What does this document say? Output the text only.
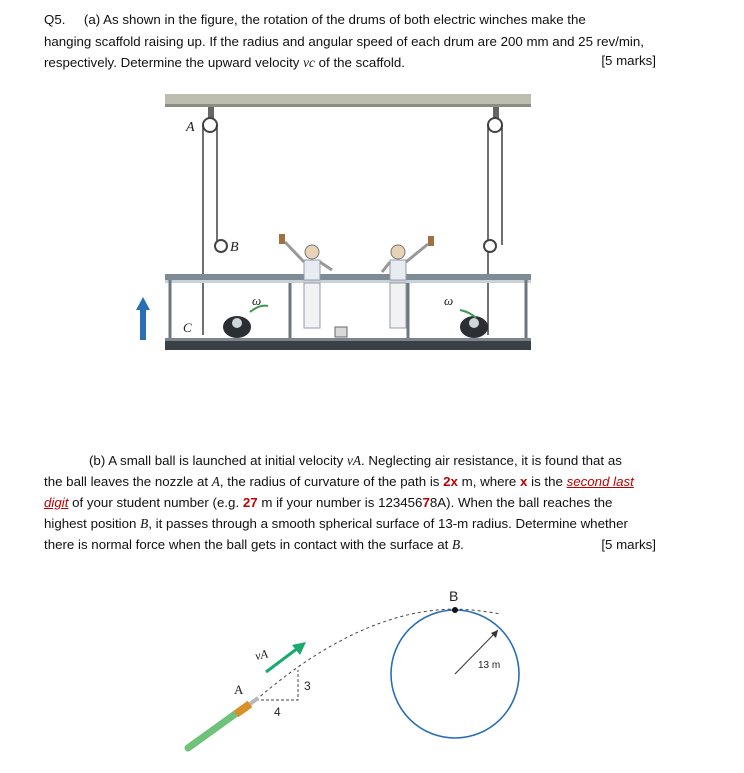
Q5. (a) As shown in the figure, the rotation of the drums of both electric winches make the
hanging scaffold raising up. If the radius and angular speed of each drum are 200 mm and 25 rev/min,
respectively. Determine the upward velocity vc of the scaffold.	[5 marks]
A
B
C
ω	ω
(b) A small ball is launched at initial velocity vA. Neglecting air resistance, it is found that as
the ball leaves the nozzle at A, the radius of curvature of the path is 2x m, where x is the second last
digit of your student number (e.g. 27 m if your number is 12345678A). When the ball reaches the
highest position B, it passes through a smooth spherical surface of 13-m radius. Determine whether
there is normal force when the ball gets in contact with the surface at B.	[5 marks]
B
13 m
3
4
vA
A
